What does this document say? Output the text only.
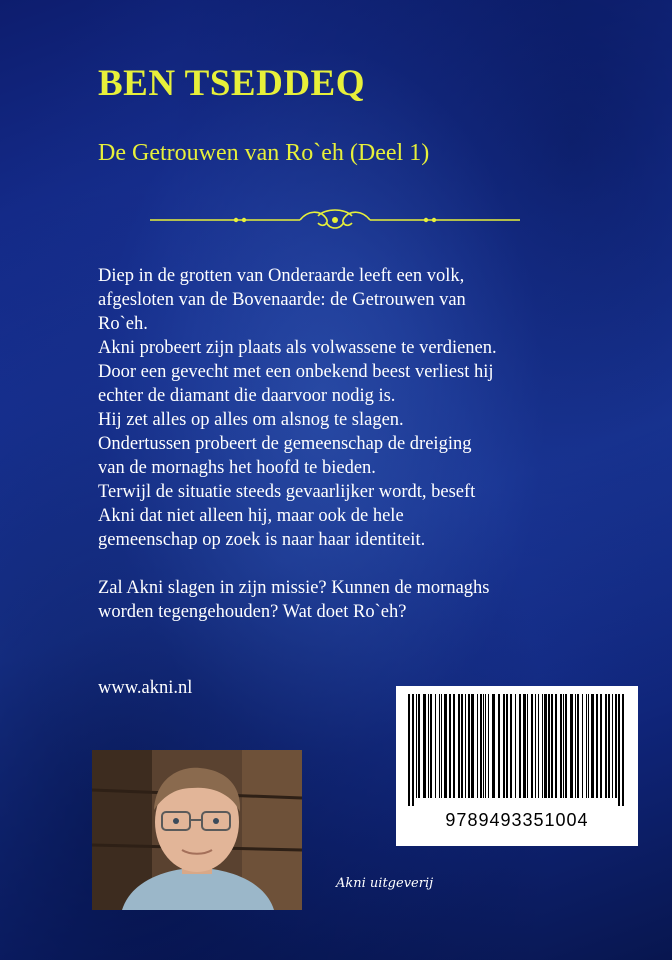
BEN TSEDDEQ
De Getrouwen van Ro`eh (Deel 1)

Diep in de grotten van Onderaarde leeft een volk,

afgesloten van de Bovenaarde: de Getrouwen van

Ro`eh.

Akni probeert zijn plaats als volwassene te verdienen.

Door een gevecht met een onbekend beest verliest hij

echter de diamant die daarvoor nodig is.

Hij zet alles op alles om alsnog te slagen.

Ondertussen probeert de gemeenschap de dreiging

van de mornaghs het hoofd te bieden.

Terwijl de situatie steeds gevaarlijker wordt, beseft

Akni dat niet alleen hij, maar ook de hele

gemeenschap op zoek is naar haar identiteit.

Zal Akni slagen in zijn missie? Kunnen de mornaghs

worden tegengehouden? Wat doet Ro`eh?

www.akni.nl
9789493351004
Akni uitgeverij
